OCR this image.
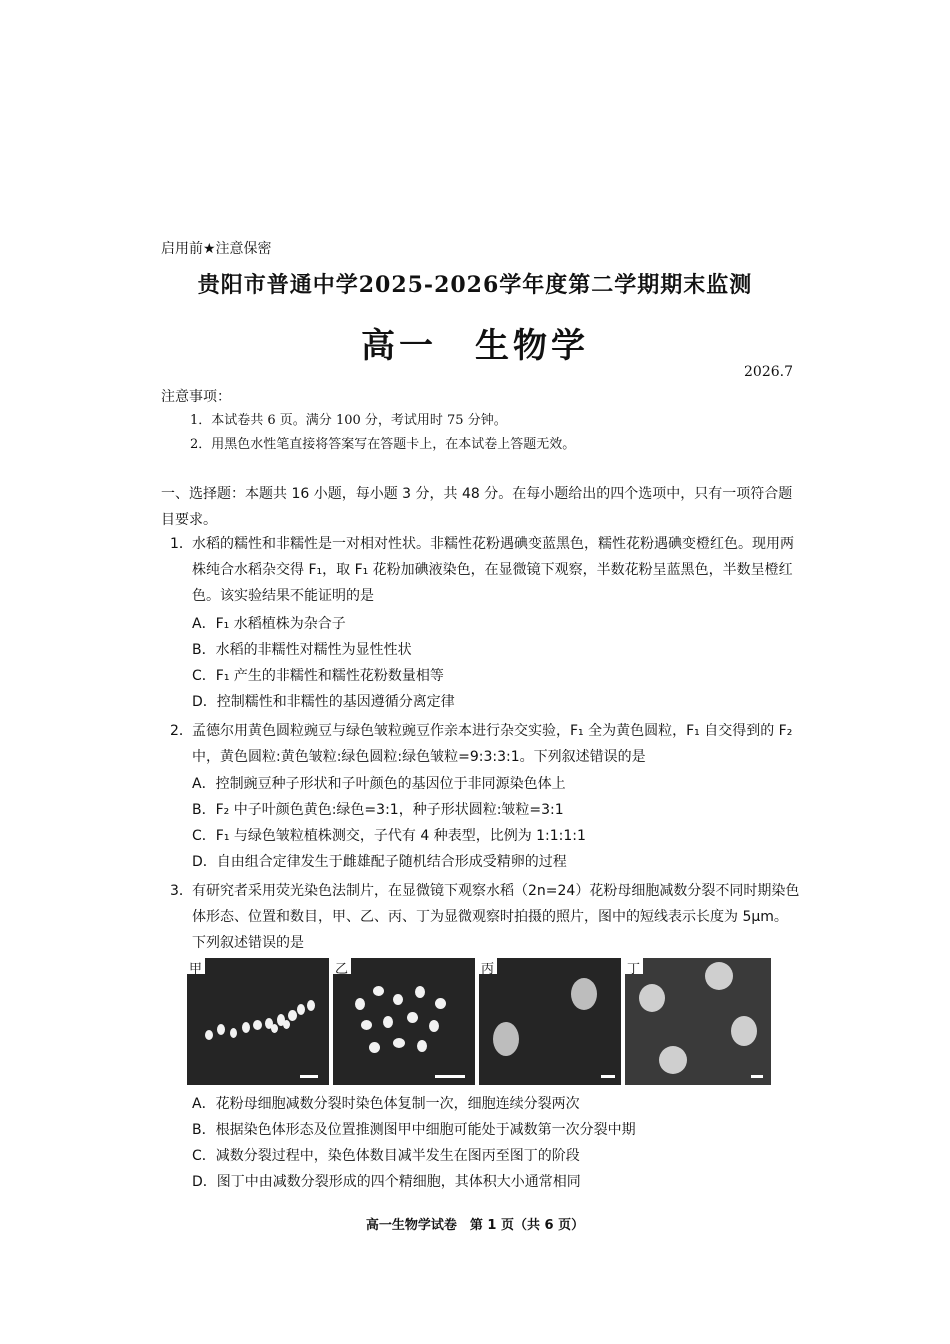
启用前★注意保密
贵阳市普通中学2025-2026学年度第二学期期末监测
高一　生物学
2026.7
注意事项：
1．本试卷共 6 页。满分 100 分，考试用时 75 分钟。
2．用黑色水性笔直接将答案写在答题卡上，在本试卷上答题无效。
一、选择题：本题共 16 小题，每小题 3 分，共 48 分。在每小题给出的四个选项中，只有一项符合题目要求。
1． 水稻的糯性和非糯性是一对相对性状。非糯性花粉遇碘变蓝黑色，糯性花粉遇碘变橙红色。现用两株纯合水稻杂交得 F₁，取 F₁ 花粉加碘液染色，在显微镜下观察，半数花粉呈蓝黑色，半数呈橙红色。该实验结果不能证明的是
A．F₁ 水稻植株为杂合子
B．水稻的非糯性对糯性为显性性状
C．F₁ 产生的非糯性和糯性花粉数量相等
D．控制糯性和非糯性的基因遵循分离定律
2． 孟德尔用黄色圆粒豌豆与绿色皱粒豌豆作亲本进行杂交实验，F₁ 全为黄色圆粒，F₁ 自交得到的 F₂ 中，黄色圆粒:黄色皱粒:绿色圆粒:绿色皱粒=9:3:3:1。下列叙述错误的是
A．控制豌豆种子形状和子叶颜色的基因位于非同源染色体上
B．F₂ 中子叶颜色黄色:绿色=3:1，种子形状圆粒:皱粒=3:1
C．F₁ 与绿色皱粒植株测交，子代有 4 种表型，比例为 1:1:1:1
D．自由组合定律发生于雌雄配子随机结合形成受精卵的过程
3． 有研究者采用荧光染色法制片，在显微镜下观察水稻（2n=24）花粉母细胞减数分裂不同时期染色体形态、位置和数目，甲、乙、丙、丁为显微观察时拍摄的照片，图中的短线表示长度为 5μm。下列叙述错误的是
甲	乙	丙	丁
A．花粉母细胞减数分裂时染色体复制一次，细胞连续分裂两次
B．根据染色体形态及位置推测图甲中细胞可能处于减数第一次分裂中期
C．减数分裂过程中，染色体数目减半发生在图丙至图丁的阶段
D．图丁中由减数分裂形成的四个精细胞，其体积大小通常相同
高一生物学试卷　第 1 页（共 6 页）
